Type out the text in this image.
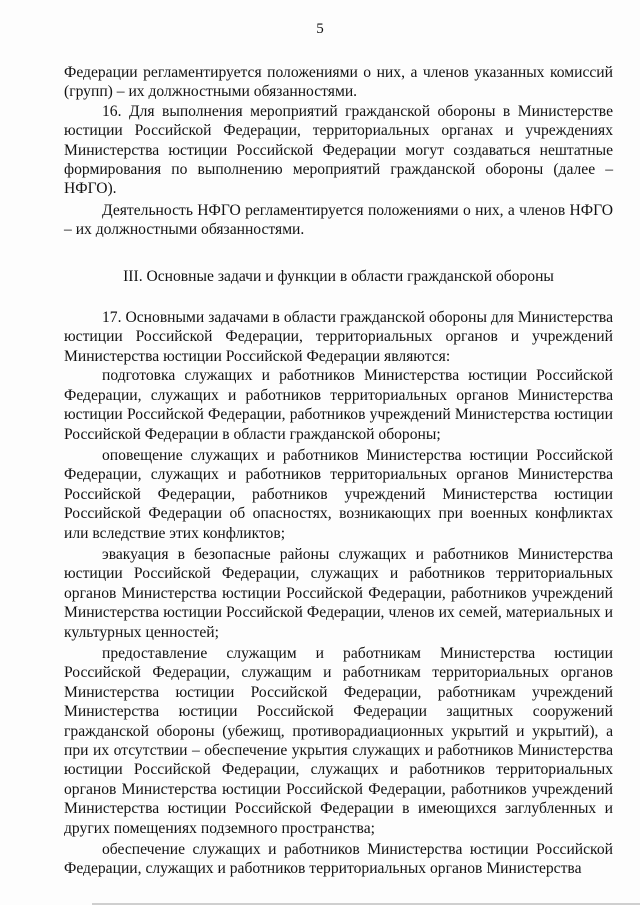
5

Федерации регламентируется положениями о них, а членов указанных комиссий (групп) – их должностными обязанностями.

16. Для выполнения мероприятий гражданской обороны в Министерстве юстиции Российской Федерации, территориальных органах и учреждениях Министерства юстиции Российской Федерации могут создаваться нештатные формирования по выполнению мероприятий гражданской обороны (далее – НФГО).

Деятельность НФГО регламентируется положениями о них, а членов НФГО – их должностными обязанностями.

III. Основные задачи и функции в области гражданской обороны

17. Основными задачами в области гражданской обороны для Министерства юстиции Российской Федерации, территориальных органов и учреждений Министерства юстиции Российской Федерации являются:

подготовка служащих и работников Министерства юстиции Российской Федерации, служащих и работников территориальных органов Министерства юстиции Российской Федерации, работников учреждений Министерства юстиции Российской Федерации в области гражданской обороны;

оповещение служащих и работников Министерства юстиции Российской Федерации, служащих и работников территориальных органов Министерства Российской Федерации, работников учреждений Министерства юстиции Российской Федерации об опасностях, возникающих при военных конфликтах или вследствие этих конфликтов;

эвакуация в безопасные районы служащих и работников Министерства юстиции Российской Федерации, служащих и работников территориальных органов Министерства юстиции Российской Федерации, работников учреждений Министерства юстиции Российской Федерации, членов их семей, материальных и культурных ценностей;

предоставление служащим и работникам Министерства юстиции Российской Федерации, служащим и работникам территориальных органов Министерства юстиции Российской Федерации, работникам учреждений Министерства юстиции Российской Федерации защитных сооружений гражданской обороны (убежищ, противорадиационных укрытий и укрытий), а при их отсутствии – обеспечение укрытия служащих и работников Министерства юстиции Российской Федерации, служащих и работников территориальных органов Министерства юстиции Российской Федерации, работников учреждений Министерства юстиции Российской Федерации в имеющихся заглубленных и других помещениях подземного пространства;

обеспечение служащих и работников Министерства юстиции Российской Федерации, служащих и работников территориальных органов Министерства
